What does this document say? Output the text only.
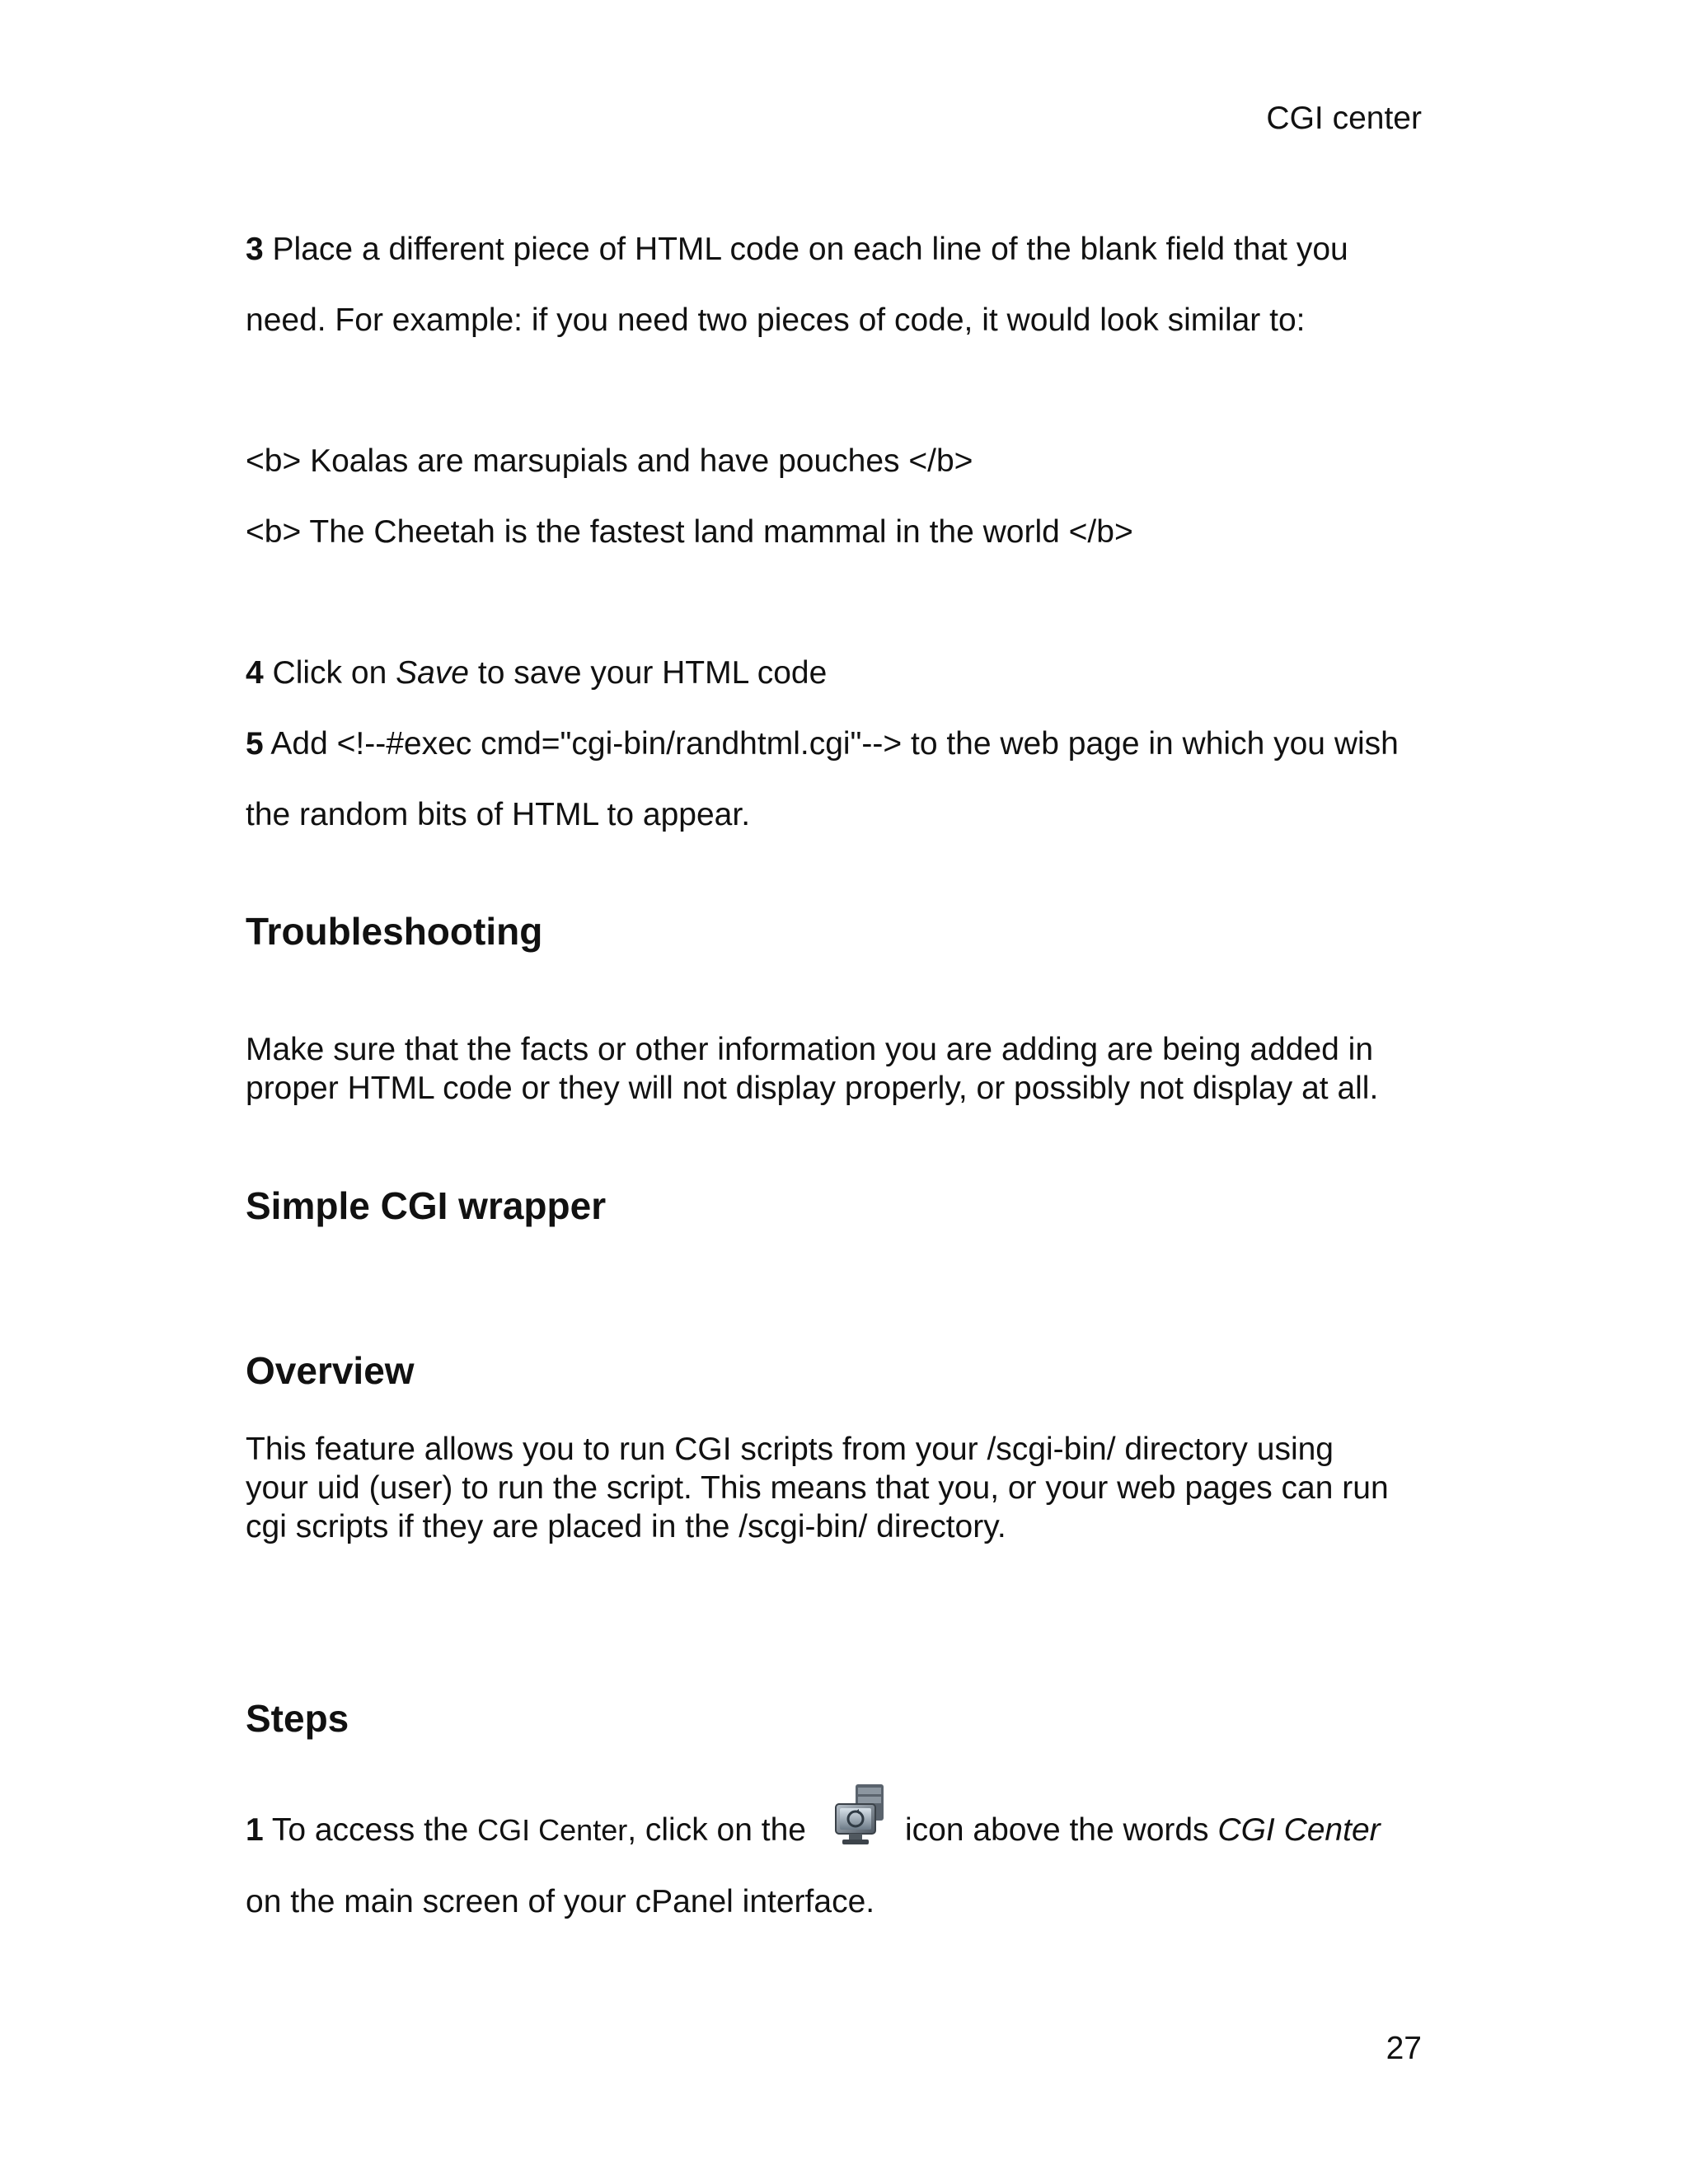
CGI center
3 Place a different piece of HTML code on each line of the blank field that you
need. For example: if you need two pieces of code, it would look similar to:
<b> Koalas are marsupials and have pouches </b>
<b> The Cheetah is the fastest land mammal in the world </b>
4 Click on Save to save your HTML code
5 Add <!--#exec cmd="cgi-bin/randhtml.cgi"--> to the web page in which you wish
the random bits of HTML to appear.
Troubleshooting
Make sure that the facts or other information you are adding are being added in
proper HTML code or they will not display properly, or possibly not display at all.
Simple CGI wrapper
Overview
This feature allows you to run CGI scripts from your /scgi-bin/ directory using
your uid (user) to run the script. This means that you, or your web pages can run
cgi scripts if they are placed in the /scgi-bin/ directory.
Steps
1 To access the CGI Center, click on the	icon above the words CGI Center
on the main screen of your cPanel interface.
27
